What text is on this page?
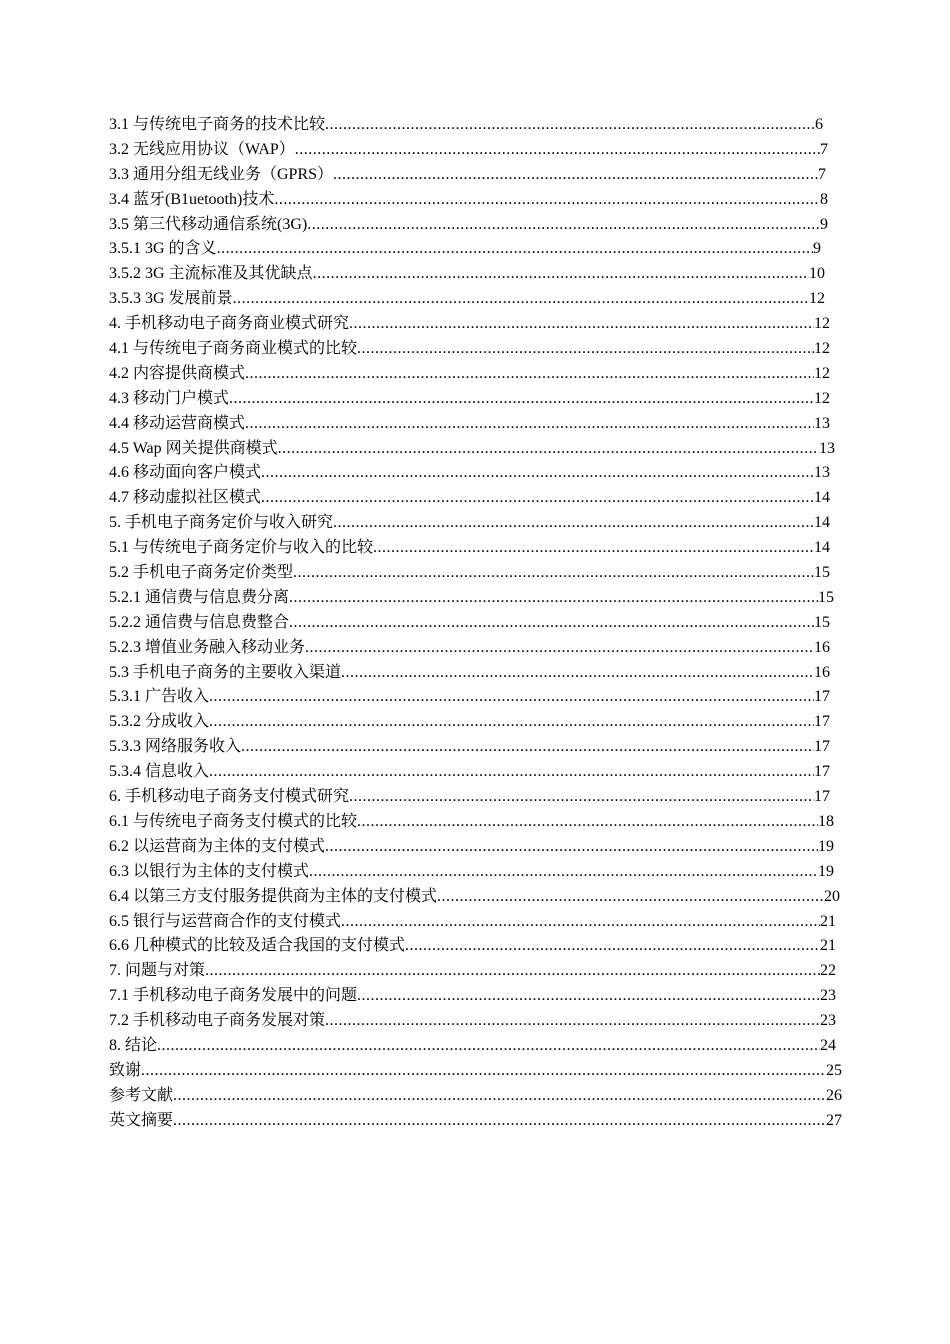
3.1 与传统电子商务的技术比较 .....	6
3.2 无线应用协议（WAP） .....	7
3.3 通用分组无线业务（GPRS） .....	7
3.4 蓝牙(B1uetooth)技术 .....	8
3.5 第三代移动通信系统(3G) .....	9
3.5.1 3G 的含义 .....	9
3.5.2 3G 主流标准及其优缺点 .....	10
3.5.3 3G 发展前景 .....	12
4. 手机移动电子商务商业模式研究 .....	12
4.1 与传统电子商务商业模式的比较 .....	12
4.2 内容提供商模式 .....	12
4.3 移动门户模式 .....	12
4.4 移动运营商模式 .....	13
4.5 Wap 网关提供商模式 .....	13
4.6 移动面向客户模式 .....	13
4.7 移动虚拟社区模式 .....	14
5. 手机电子商务定价与收入研究 .....	14
5.1 与传统电子商务定价与收入的比较 .....	14
5.2 手机电子商务定价类型 .....	15
5.2.1 通信费与信息费分离 .....	15
5.2.2 通信费与信息费整合 .....	15
5.2.3 增值业务融入移动业务 .....	16
5.3 手机电子商务的主要收入渠道 .....	16
5.3.1 广告收入 .....	17
5.3.2 分成收入 .....	17
5.3.3 网络服务收入 .....	17
5.3.4 信息收入 .....	17
6. 手机移动电子商务支付模式研究 .....	17
6.1 与传统电子商务支付模式的比较 .....	18
6.2 以运营商为主体的支付模式 .....	19
6.3 以银行为主体的支付模式 .....	19
6.4 以第三方支付服务提供商为主体的支付模式 .....	20
6.5 银行与运营商合作的支付模式 .....	21
6.6 几种模式的比较及适合我国的支付模式 .....	21
7. 问题与对策 .....	22
7.1 手机移动电子商务发展中的问题 .....	23
7.2 手机移动电子商务发展对策 .....	23
8. 结论 .....	24
致谢 .....	25
参考文献 .....	26
英文摘要 .....	27
